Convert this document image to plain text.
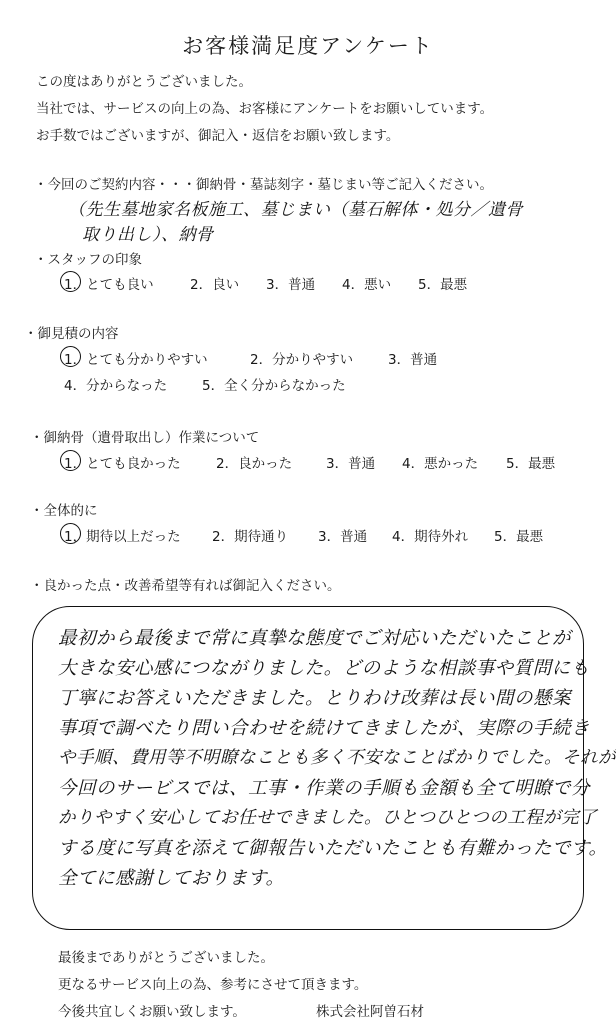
お客様満足度アンケート
この度はありがとうございました。
当社では、サービスの向上の為、お客様にアンケートをお願いしています。
お手数ではございますが、御記入・返信をお願い致します。
・今回のご契約内容・・・御納骨・墓誌刻字・墓じまい等ご記入ください。
（先生墓地家名板施工、墓じまい（墓石解体・処分／遺骨
取り出し）、納骨
・スタッフの印象
1．とても良い	2．良い 3．普通 4．悪い 5．最悪
・御見積の内容
1．とても分かりやすい	2．分かりやすい	3．普通
4．分からなった	5．全く分からなかった
・御納骨（遺骨取出し）作業について
1．とても良かった	2．良かった	3．普通 4．悪かった 5．最悪
・全体的に
1，期待以上だった 2．期待通り 3．普通 4．期待外れ 5．最悪
・良かった点・改善希望等有れば御記入ください。
最初から最後まで常に真摯な態度でご対応いただいたことが
大きな安心感につながりました。どのような相談事や質問にも
丁寧にお答えいただきました。とりわけ改葬は長い間の懸案
事項で調べたり問い合わせを続けてきましたが、実際の手続き
や手順、費用等不明瞭なことも多く不安なことばかりでした。それが
今回のサービスでは、工事・作業の手順も金額も全て明瞭で分
かりやすく安心してお任せできました。ひとつひとつの工程が完了
する度に写真を添えて御報告いただいたことも有難かったです。
全てに感謝しております。
最後までありがとうございました。
更なるサービス向上の為、参考にさせて頂きます。
今後共宜しくお願い致します。	株式会社阿曽石材
